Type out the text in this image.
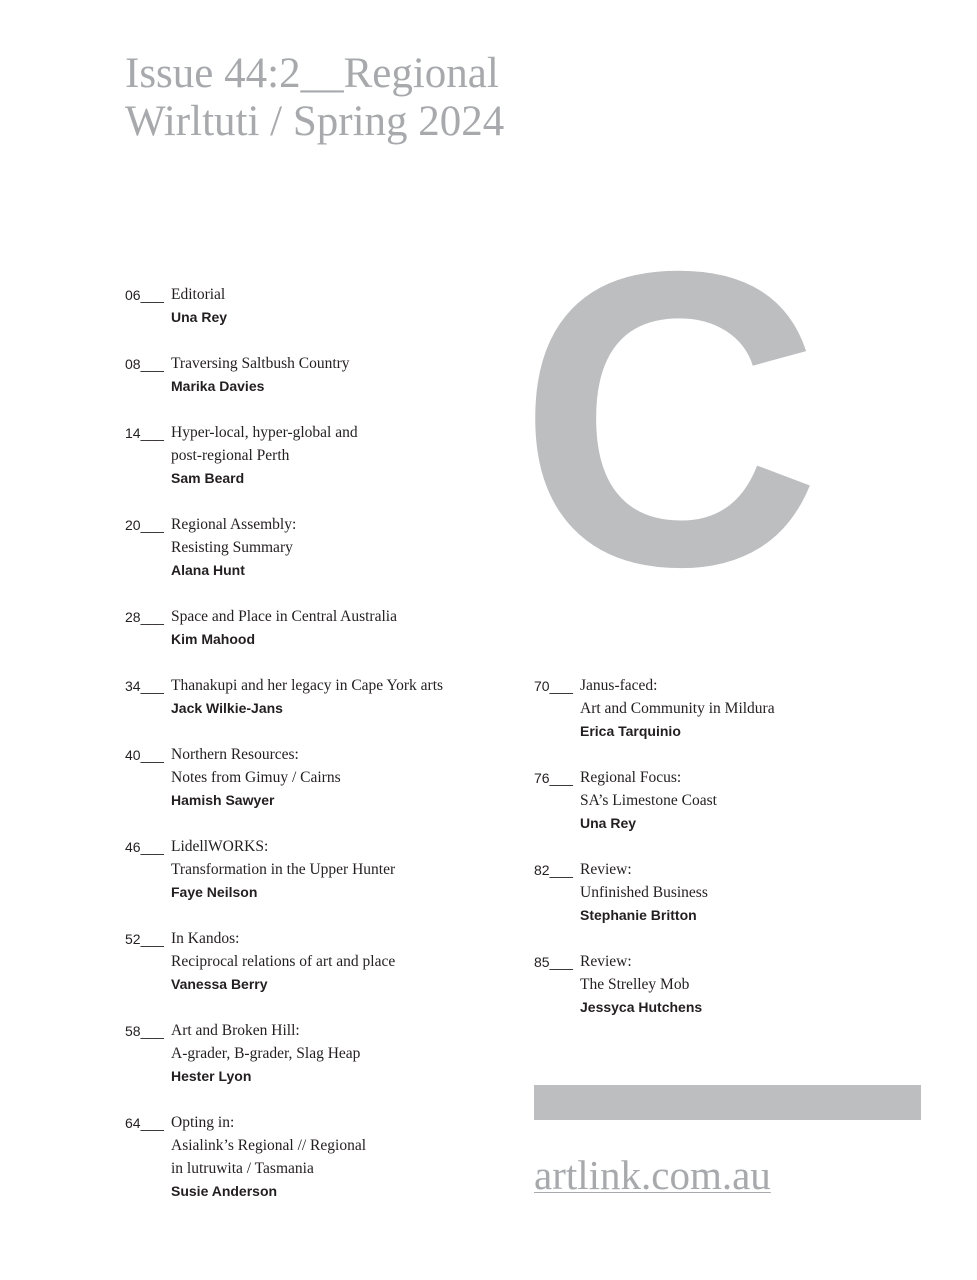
Issue 44:2__Regional
Wirltuti / Spring 2024
C
06___ Editorial
Una Rey
08___ Traversing Saltbush Country
Marika Davies
14___ Hyper-local, hyper-global and
post-regional Perth
Sam Beard
20___ Regional Assembly:
Resisting Summary
Alana Hunt
28___ Space and Place in Central Australia
Kim Mahood
34___ Thanakupi and her legacy in Cape York arts
Jack Wilkie-Jans
40___ Northern Resources:
Notes from Gimuy / Cairns
Hamish Sawyer
46___ LidellWORKS:
Transformation in the Upper Hunter
Faye Neilson
52___ In Kandos:
Reciprocal relations of art and place
Vanessa Berry
58___ Art and Broken Hill:
A-grader, B-grader, Slag Heap
Hester Lyon
64___ Opting in:
Asialink’s Regional // Regional
in lutruwita / Tasmania
Susie Anderson
70___ Janus-faced:
Art and Community in Mildura
Erica Tarquinio
76___ Regional Focus:
SA’s Limestone Coast
Una Rey
82___ Review:
Unfinished Business
Stephanie Britton
85___ Review:
The Strelley Mob
Jessyca Hutchens
artlink.com.au
